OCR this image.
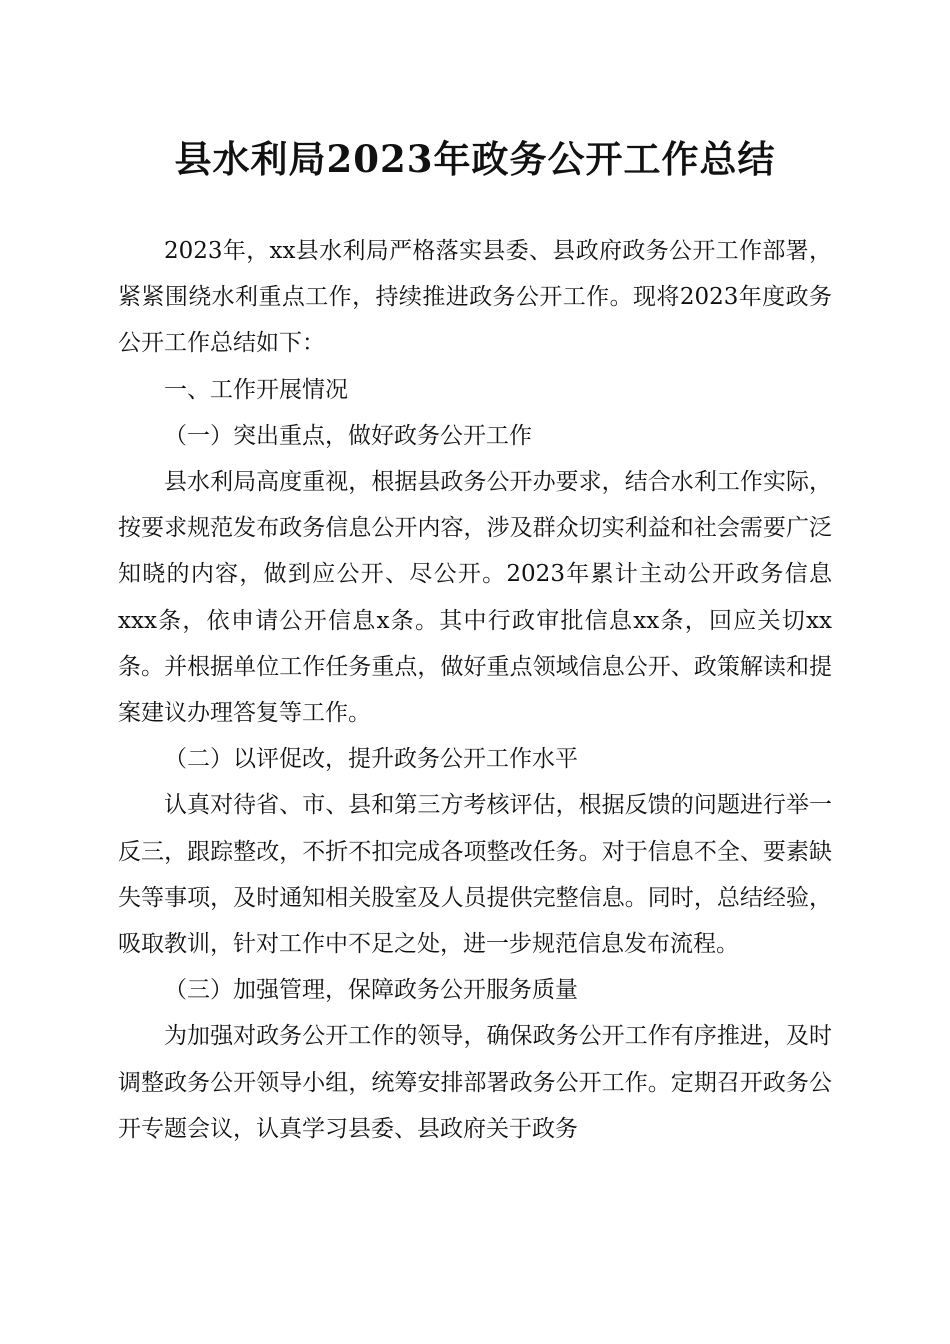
县水利局2023年政务公开工作总结

2023年，xx县水利局严格落实县委、县政府政务公开工作部署，紧紧围绕水利重点工作，持续推进政务公开工作。现将2023年度政务公开工作总结如下：

一、工作开展情况
（一）突出重点，做好政务公开工作

县水利局高度重视，根据县政务公开办要求，结合水利工作实际，按要求规范发布政务信息公开内容，涉及群众切实利益和社会需要广泛知晓的内容，做到应公开、尽公开。2023年累计主动公开政务信息xxx条，依申请公开信息x条。其中行政审批信息xx条，回应关切xx条。并根据单位工作任务重点，做好重点领域信息公开、政策解读和提案建议办理答复等工作。

（二）以评促改，提升政务公开工作水平

认真对待省、市、县和第三方考核评估，根据反馈的问题进行举一反三，跟踪整改，不折不扣完成各项整改任务。对于信息不全、要素缺失等事项，及时通知相关股室及人员提供完整信息。同时，总结经验，吸取教训，针对工作中不足之处，进一步规范信息发布流程。

（三）加强管理，保障政务公开服务质量

为加强对政务公开工作的领导，确保政务公开工作有序推进，及时调整政务公开领导小组，统筹安排部署政务公开工作。定期召开政务公开专题会议，认真学习县委、县政府关于政务
